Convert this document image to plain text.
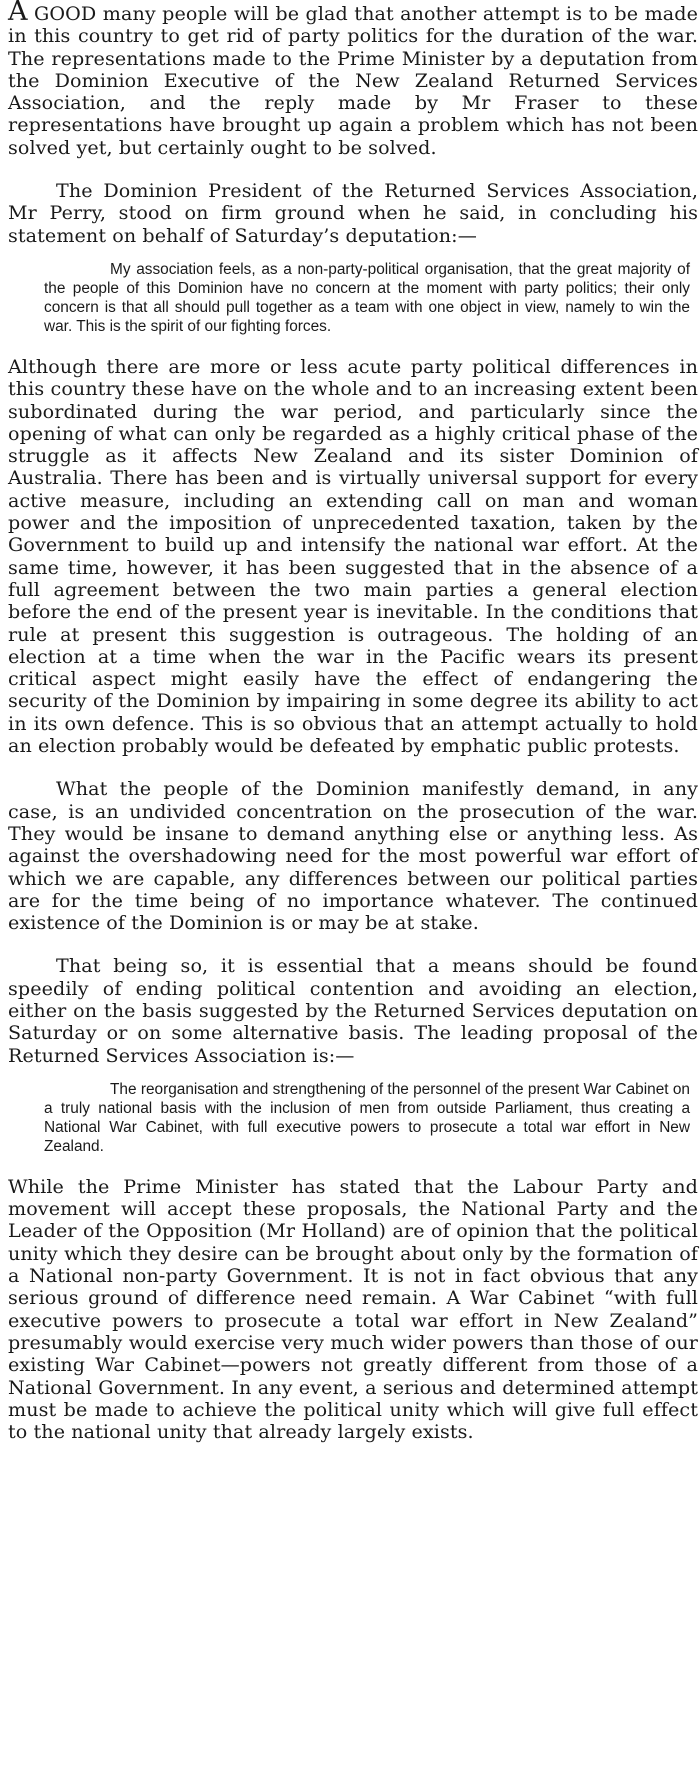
A GOOD many people will be glad that another attempt is to be made in this country to get rid of party politics for the duration of the war. The representations made to the Prime Minister by a deputation from the Dominion Executive of the New Zealand Returned Services Association, and the reply made by Mr Fraser to these representations have brought up again a problem which has not been solved yet, but certainly ought to be solved.

The Dominion President of the Returned Services Association, Mr Perry, stood on firm ground when he said, in concluding his statement on behalf of Saturday’s deputation:—

My association feels, as a non-party-political organisation, that the great majority of the people of this Dominion have no concern at the moment with party politics; their only concern is that all should pull together as a team with one object in view, namely to win the war. This is the spirit of our fighting forces.

Although there are more or less acute party political differences in this country these have on the whole and to an increasing extent been subordinated during the war period, and particularly since the opening of what can only be regarded as a highly critical phase of the struggle as it affects New Zealand and its sister Dominion of Australia. There has been and is virtually universal support for every active measure, including an extending call on man and woman power and the imposition of unprecedented taxation, taken by the Government to build up and intensify the national war effort. At the same time, however, it has been suggested that in the absence of a full agreement between the two main parties a general election before the end of the present year is inevitable. In the conditions that rule at present this suggestion is outrageous. The holding of an election at a time when the war in the Pacific wears its present critical aspect might easily have the effect of endangering the security of the Dominion by impairing in some degree its ability to act in its own defence. This is so obvious that an attempt actually to hold an election probably would be defeated by emphatic public protests.

What the people of the Dominion manifestly demand, in any case, is an undivided concentration on the prosecution of the war. They would be insane to demand anything else or anything less. As against the overshadowing need for the most powerful war effort of which we are capable, any differences between our political parties are for the time being of no importance whatever. The continued existence of the Dominion is or may be at stake.

That being so, it is essential that a means should be found speedily of ending political contention and avoiding an election, either on the basis suggested by the Returned Services deputation on Saturday or on some alternative basis. The leading proposal of the Returned Services Association is:—

The reorganisation and strengthening of the personnel of the present War Cabinet on a truly national basis with the inclusion of men from outside Parliament, thus creating a National War Cabinet, with full executive powers to prosecute a total war effort in New Zealand.

While the Prime Minister has stated that the Labour Party and movement will accept these proposals, the National Party and the Leader of the Opposition (Mr Holland) are of opinion that the political unity which they desire can be brought about only by the formation of a National non-party Government. It is not in fact obvious that any serious ground of difference need remain. A War Cabinet “with full executive powers to prosecute a total war effort in New Zealand” presumably would exercise very much wider powers than those of our existing War Cabinet—powers not greatly different from those of a National Government. In any event, a serious and determined attempt must be made to achieve the political unity which will give full effect to the national unity that already largely exists.
